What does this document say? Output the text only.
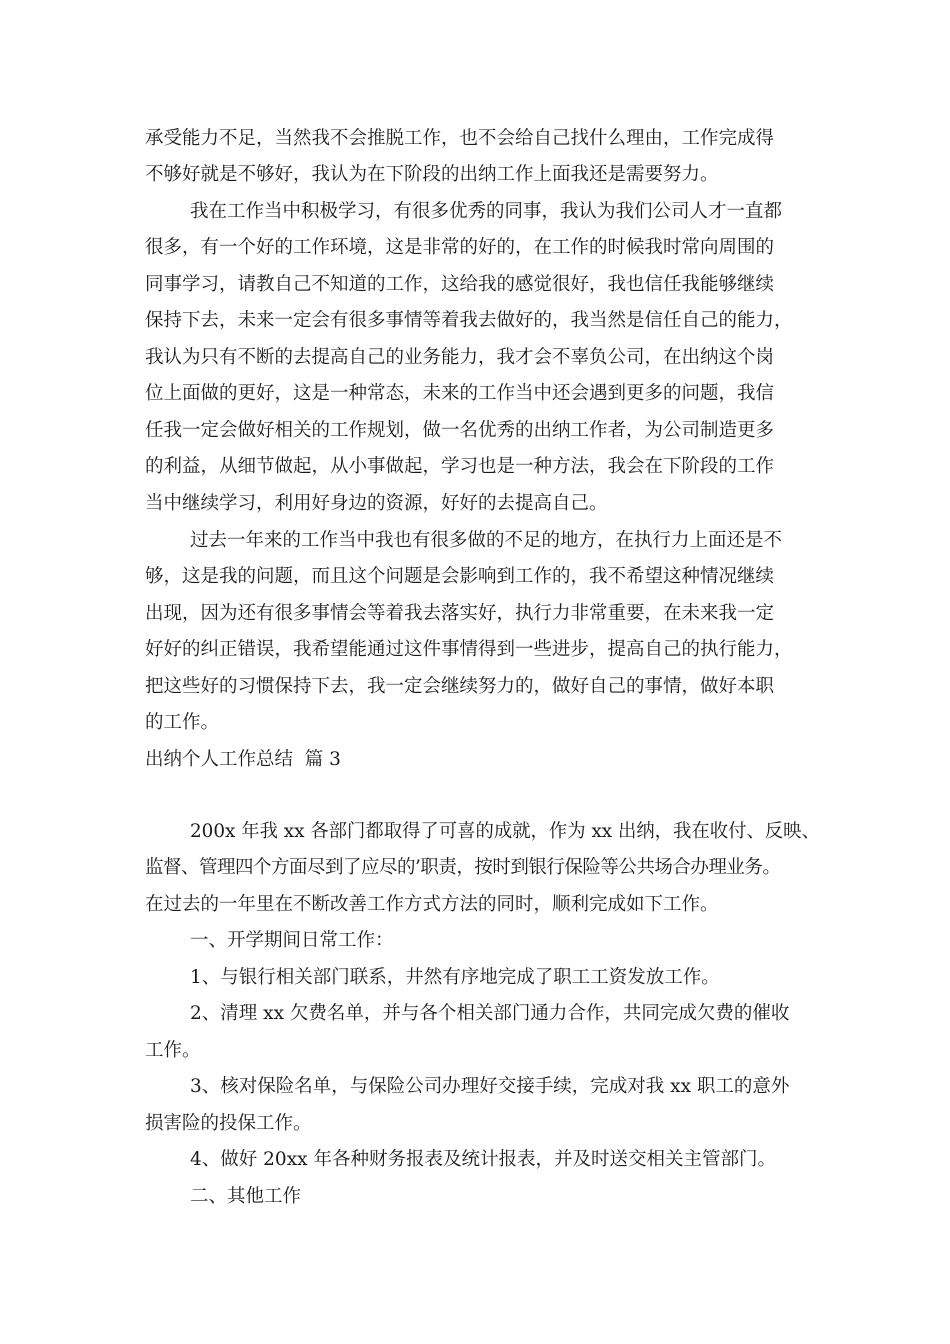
承受能力不足，当然我不会推脱工作，也不会给自己找什么理由，工作完成得
不够好就是不够好，我认为在下阶段的出纳工作上面我还是需要努力。
我在工作当中积极学习，有很多优秀的同事，我认为我们公司人才一直都
很多，有一个好的工作环境，这是非常的好的，在工作的时候我时常向周围的
同事学习，请教自己不知道的工作，这给我的感觉很好，我也信任我能够继续
保持下去，未来一定会有很多事情等着我去做好的，我当然是信任自己的能力，
我认为只有不断的去提高自己的业务能力，我才会不辜负公司，在出纳这个岗
位上面做的更好，这是一种常态，未来的工作当中还会遇到更多的问题，我信
任我一定会做好相关的工作规划，做一名优秀的出纳工作者，为公司制造更多
的利益，从细节做起，从小事做起，学习也是一种方法，我会在下阶段的工作
当中继续学习，利用好身边的资源，好好的去提高自己。
过去一年来的工作当中我也有很多做的不足的地方，在执行力上面还是不
够，这是我的问题，而且这个问题是会影响到工作的，我不希望这种情况继续
出现，因为还有很多事情会等着我去落实好，执行力非常重要，在未来我一定
好好的纠正错误，我希望能通过这件事情得到一些进步，提高自己的执行能力，
把这些好的习惯保持下去，我一定会继续努力的，做好自己的事情，做好本职
的工作。
出纳个人工作总结  篇 3
200x 年我 xx 各部门都取得了可喜的成就，作为 xx 出纳，我在收付、反映、
监督、管理四个方面尽到了应尽的’职责，按时到银行保险等公共场合办理业务。
在过去的一年里在不断改善工作方式方法的同时，顺利完成如下工作。
一、开学期间日常工作：
1、与银行相关部门联系，井然有序地完成了职工工资发放工作。
2、清理 xx 欠费名单，并与各个相关部门通力合作，共同完成欠费的催收
工作。
3、核对保险名单，与保险公司办理好交接手续，完成对我 xx 职工的意外
损害险的投保工作。
4、做好 20xx 年各种财务报表及统计报表，并及时送交相关主管部门。
二、其他工作
